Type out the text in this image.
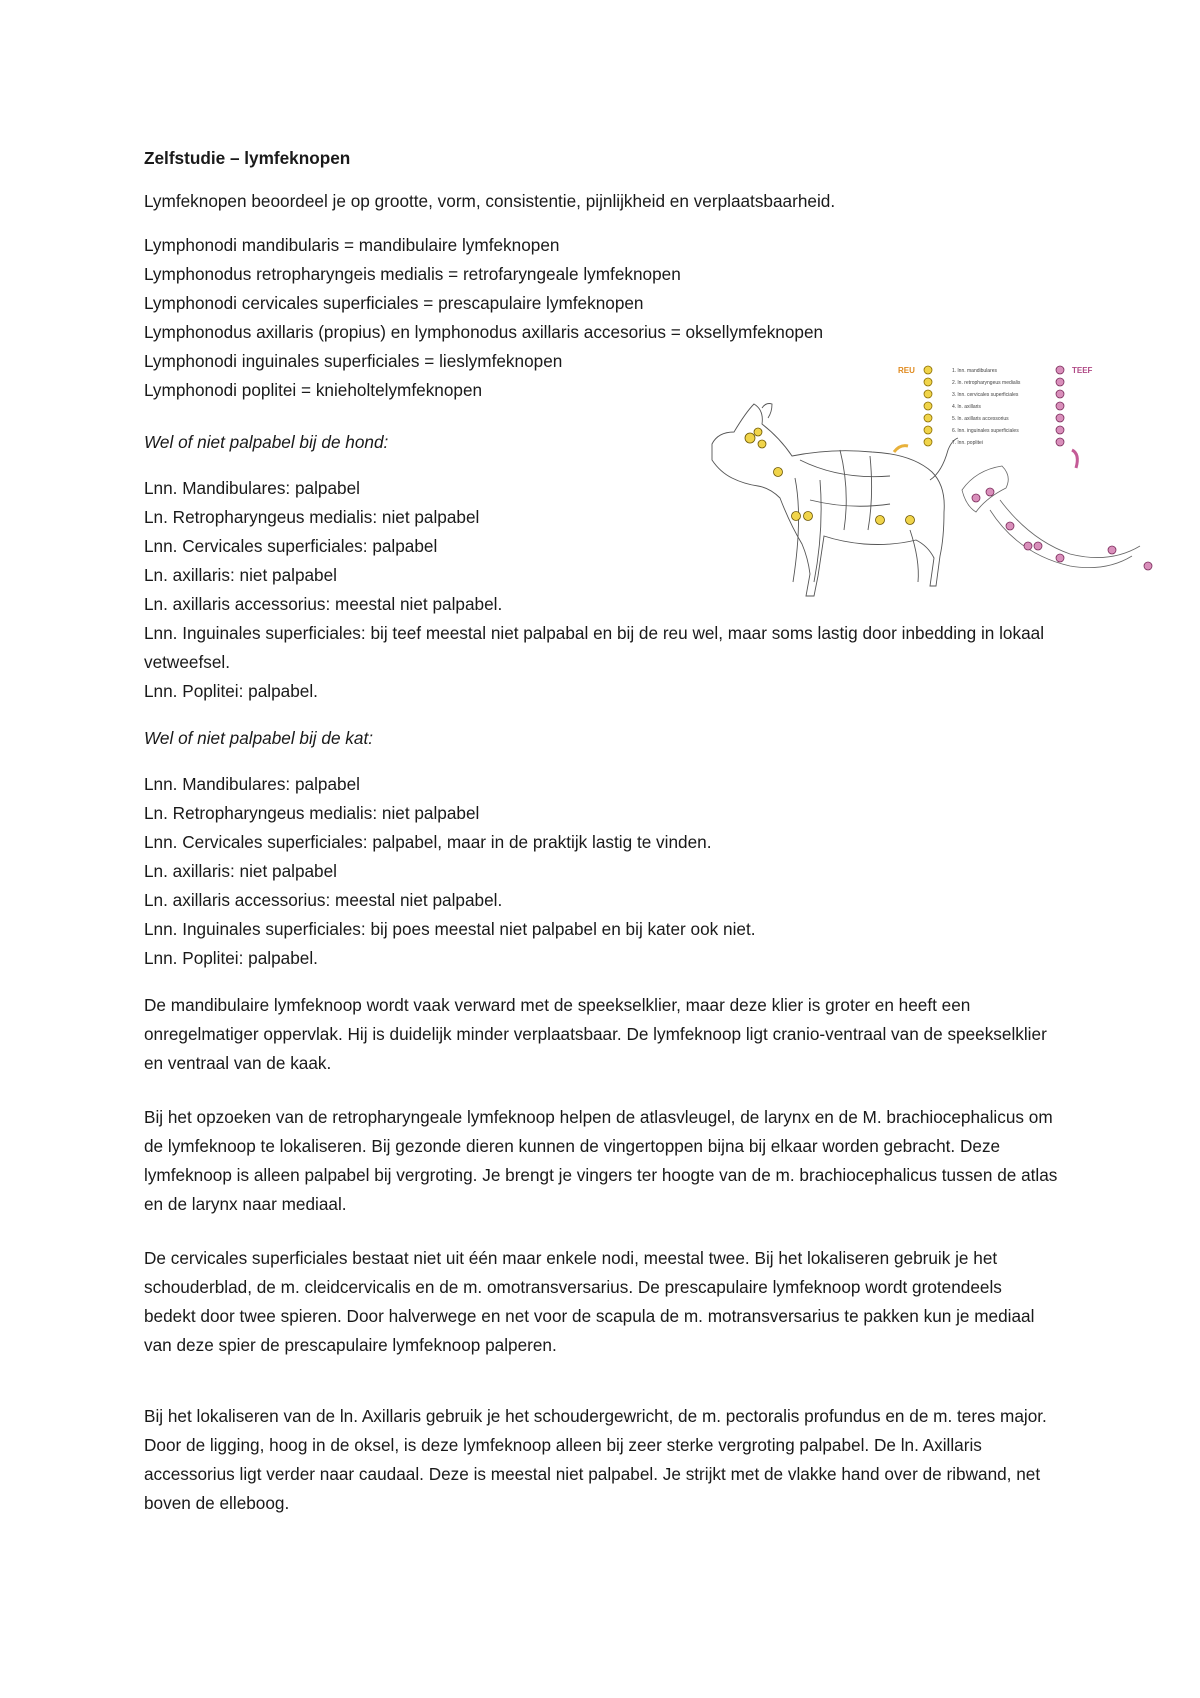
Zelfstudie – lymfeknopen

Lymfeknopen beoordeel je op grootte, vorm, consistentie, pijnlijkheid en verplaatsbaarheid.

Lymphonodi mandibularis = mandibulaire lymfeknopen

Lymphonodus retropharyngeis medialis = retrofaryngeale lymfeknopen

Lymphonodi cervicales superficiales = prescapulaire lymfeknopen

Lymphonodus axillaris (propius) en lymphonodus axillaris accesorius = oksellymfeknopen

Lymphonodi inguinales superficiales = lieslymfeknopen

Lymphonodi poplitei = knieholtelymfeknopen

Wel of niet palpabel bij de hond:

Lnn. Mandibulares: palpabel

Ln. Retropharyngeus medialis: niet palpabel

Lnn. Cervicales superficiales: palpabel

Ln. axillaris: niet palpabel

Ln. axillaris accessorius: meestal niet palpabel.

Lnn. Inguinales superficiales: bij teef meestal niet palpabal en bij de reu wel, maar soms lastig door inbedding in lokaal vetweefsel.

Lnn. Poplitei: palpabel.

Wel of niet palpabel bij de kat:

Lnn. Mandibulares: palpabel

Ln. Retropharyngeus medialis: niet palpabel

Lnn. Cervicales superficiales: palpabel, maar in de praktijk lastig te vinden.

Ln. axillaris: niet palpabel

Ln. axillaris accessorius: meestal niet palpabel.

Lnn. Inguinales superficiales: bij poes meestal niet palpabel en bij kater ook niet.

Lnn. Poplitei: palpabel.

De mandibulaire lymfeknoop wordt vaak verward met de speekselklier, maar deze klier is groter en heeft een onregelmatiger oppervlak. Hij is duidelijk minder verplaatsbaar. De lymfeknoop ligt cranio-ventraal van de speekselklier en ventraal van de kaak.

Bij het opzoeken van de retropharyngeale lymfeknoop helpen de atlasvleugel, de larynx en de M. brachiocephalicus om de lymfeknoop te lokaliseren. Bij gezonde dieren kunnen de vingertoppen bijna bij elkaar worden gebracht. Deze lymfeknoop is alleen palpabel bij vergroting. Je brengt je vingers ter hoogte van de m. brachiocephalicus tussen de atlas en de larynx naar mediaal.

De cervicales superficiales bestaat niet uit één maar enkele nodi, meestal twee. Bij het lokaliseren gebruik je het schouderblad, de m. cleidcervicalis en de m. omotransversarius. De prescapulaire lymfeknoop wordt grotendeels bedekt door twee spieren. Door halverwege en net voor de scapula de m. motransversarius te pakken kun je mediaal van deze spier de prescapulaire lymfeknoop palperen.

Bij het lokaliseren van de ln. Axillaris gebruik je het schoudergewricht, de m. pectoralis profundus en de m. teres major. Door de ligging, hoog in de oksel, is deze lymfeknoop alleen bij zeer sterke vergroting palpabel. De ln. Axillaris accessorius ligt verder naar caudaal. Deze is meestal niet palpabel. Je strijkt met de vlakke hand over de ribwand, net boven de elleboog.

REU	TEEF
1. lnn. mandibulares
2. ln. retropharyngeus medialis
3. lnn. cervicales superficiales
4. ln. axillaris
5. ln. axillaris accessorius
6. lnn. inguinales superficiales
7. lnn. poplitei
